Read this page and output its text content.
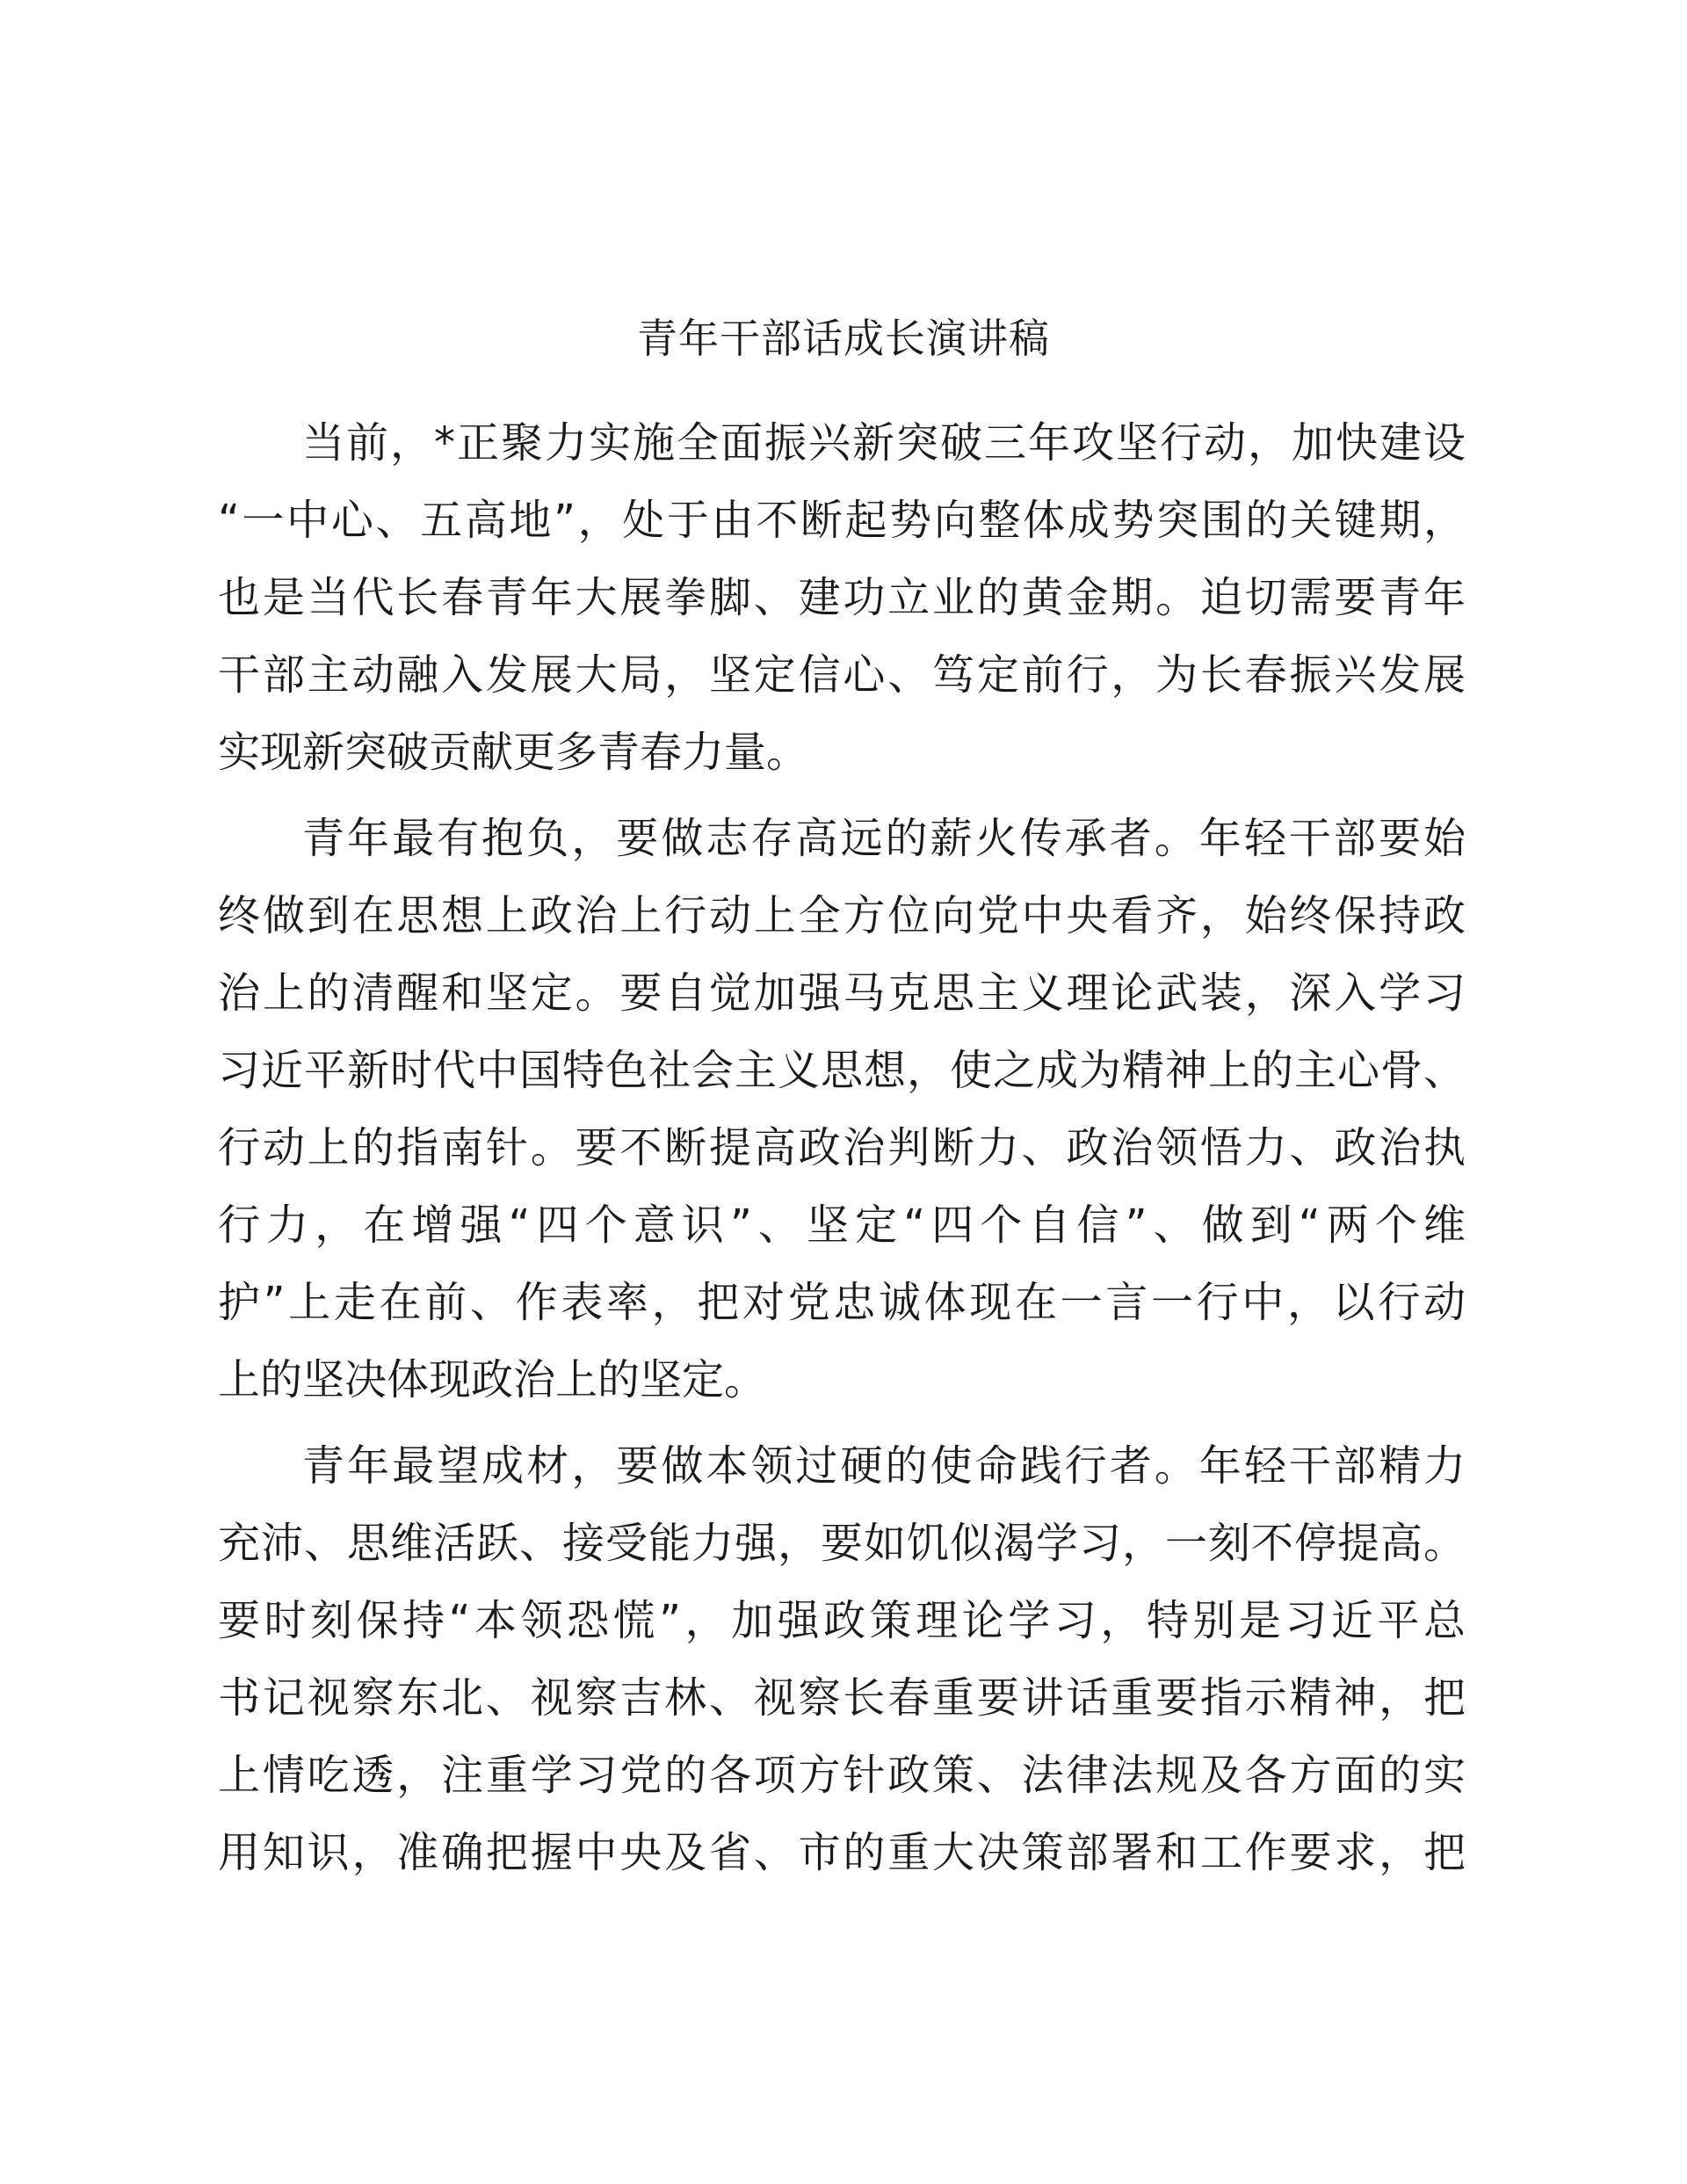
青年干部话成长演讲稿
当前，*正聚力实施全面振兴新突破三年攻坚行动，加快建设
“一中心、五高地”，处于由不断起势向整体成势突围的关键期，
也是当代长春青年大展拳脚、建功立业的黄金期。迫切需要青年
干部主动融入发展大局，坚定信心、笃定前行，为长春振兴发展
实现新突破贡献更多青春力量。
青年最有抱负，要做志存高远的薪火传承者。年轻干部要始
终做到在思想上政治上行动上全方位向党中央看齐，始终保持政
治上的清醒和坚定。要自觉加强马克思主义理论武装，深入学习
习近平新时代中国特色社会主义思想，使之成为精神上的主心骨、
行动上的指南针。要不断提高政治判断力、政治领悟力、政治执
行力，在增强“四个意识”、坚定“四个自信”、做到“两个维
护”上走在前、作表率，把对党忠诚体现在一言一行中，以行动
上的坚决体现政治上的坚定。
青年最望成材，要做本领过硬的使命践行者。年轻干部精力
充沛、思维活跃、接受能力强，要如饥似渴学习，一刻不停提高。
要时刻保持“本领恐慌”，加强政策理论学习，特别是习近平总
书记视察东北、视察吉林、视察长春重要讲话重要指示精神，把
上情吃透，注重学习党的各项方针政策、法律法规及各方面的实
用知识，准确把握中央及省、市的重大决策部署和工作要求，把
